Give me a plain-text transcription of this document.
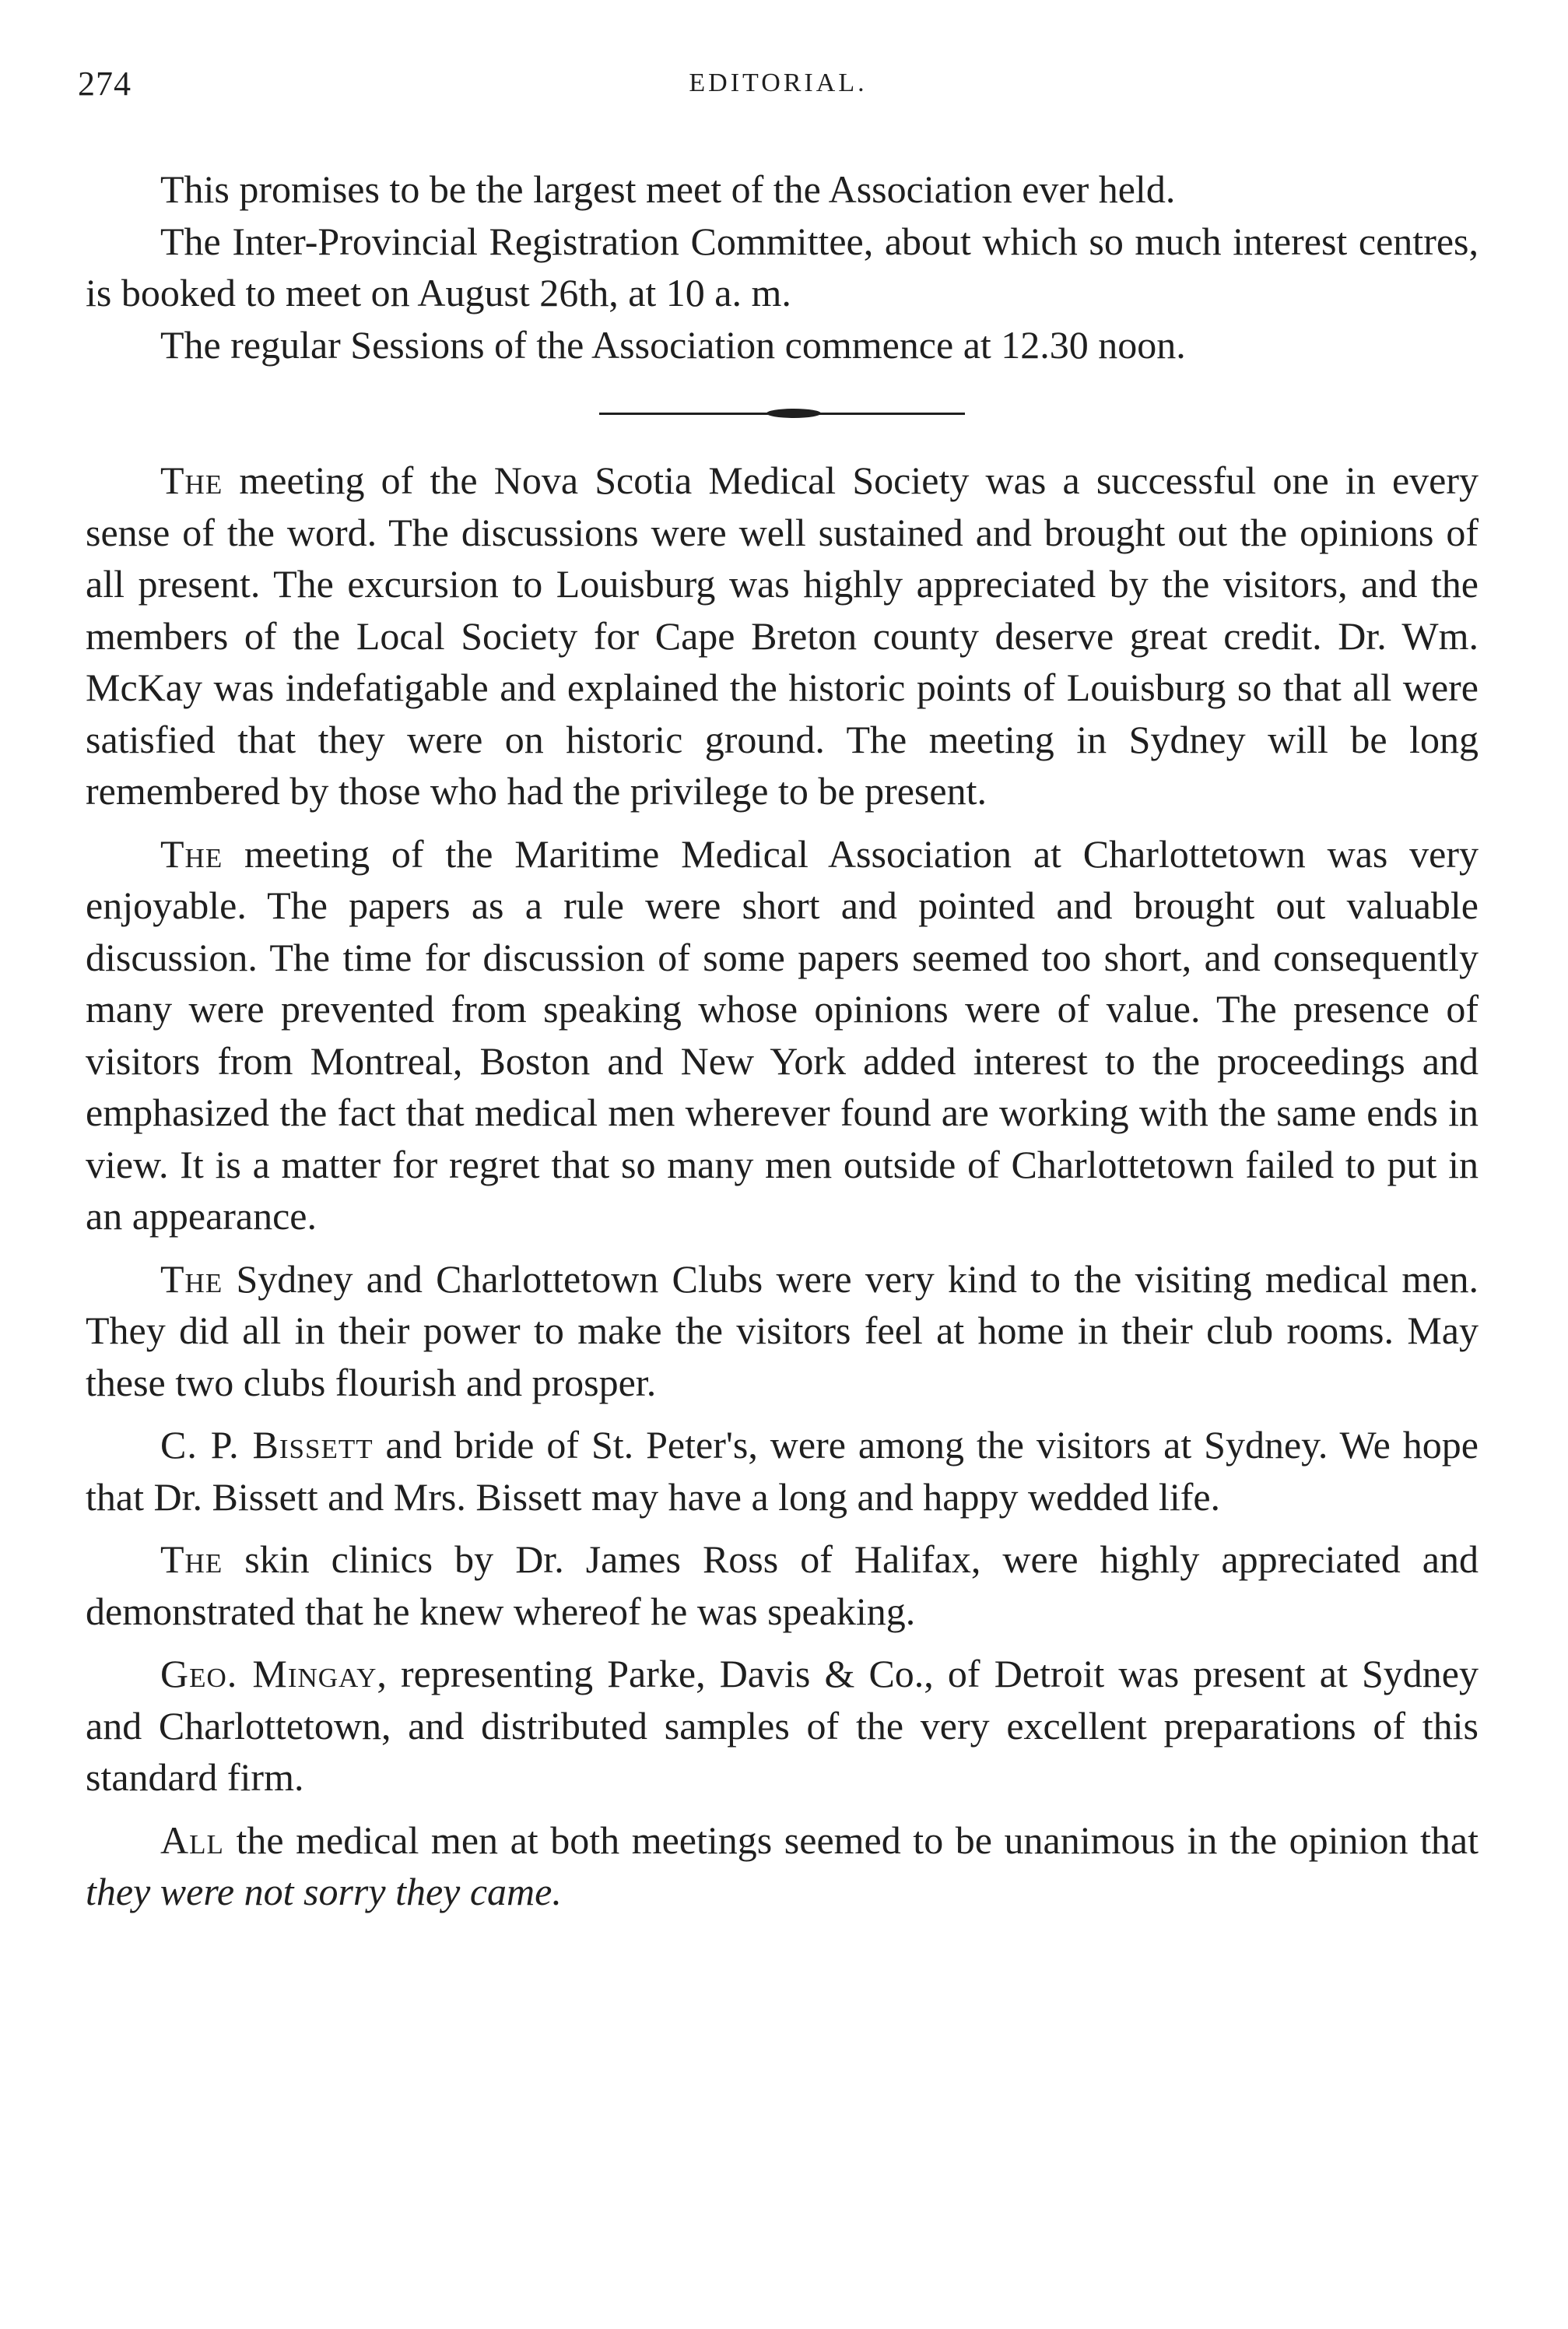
274	EDITORIAL.

This promises to be the largest meet of the Association ever held.

The Inter-Provincial Registration Committee, about which so much interest centres, is booked to meet on August 26th, at 10 a. m.

The regular Sessions of the Association commence at 12.30 noon.

The meeting of the Nova Scotia Medical Society was a successful one in every sense of the word. The discussions were well sustained and brought out the opinions of all present. The excursion to Louisburg was highly appreciated by the visitors, and the members of the Local Society for Cape Breton county deserve great credit. Dr. Wm. McKay was indefatigable and explained the historic points of Louisburg so that all were satisfied that they were on historic ground. The meeting in Sydney will be long remembered by those who had the privilege to be present.

The meeting of the Maritime Medical Association at Charlottetown was very enjoyable. The papers as a rule were short and pointed and brought out valuable discussion. The time for discussion of some papers seemed too short, and consequently many were prevented from speaking whose opinions were of value. The presence of visitors from Montreal, Boston and New York added interest to the proceedings and emphasized the fact that medical men wherever found are working with the same ends in view. It is a matter for regret that so many men outside of Charlottetown failed to put in an appearance.

The Sydney and Charlottetown Clubs were very kind to the visiting medical men. They did all in their power to make the visitors feel at home in their club rooms. May these two clubs flourish and prosper.

C. P. Bissett and bride of St. Peter's, were among the visitors at Sydney. We hope that Dr. Bissett and Mrs. Bissett may have a long and happy wedded life.

The skin clinics by Dr. James Ross of Halifax, were highly appreciated and demonstrated that he knew whereof he was speaking.

Geo. Mingay, representing Parke, Davis & Co., of Detroit was present at Sydney and Charlottetown, and distributed samples of the very excellent preparations of this standard firm.

All the medical men at both meetings seemed to be unanimous in the opinion that they were not sorry they came.
